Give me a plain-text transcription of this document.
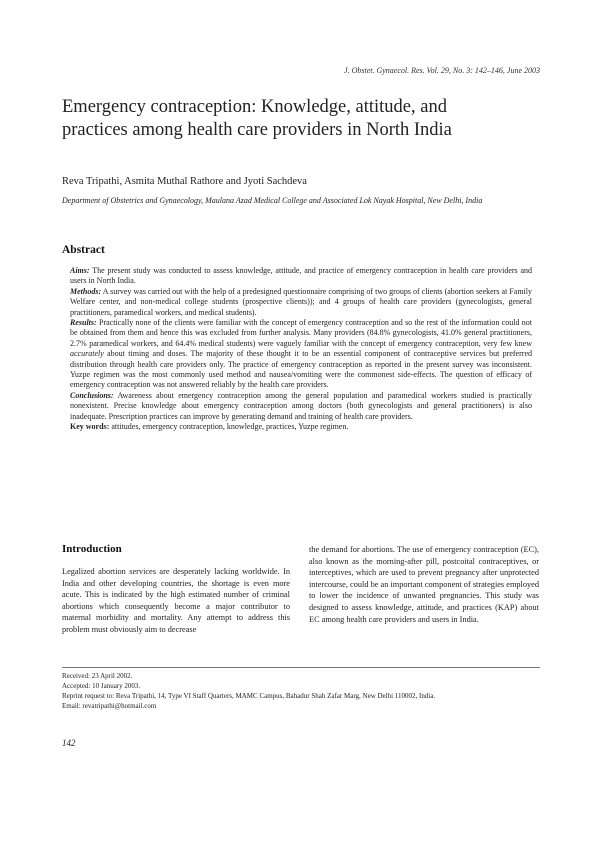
J. Obstet. Gynaecol. Res. Vol. 29, No. 3: 142–146, June 2003
Emergency contraception: Knowledge, attitude, and
practices among health care providers in North India
Reva Tripathi, Asmita Muthal Rathore and Jyoti Sachdeva
Department of Obstetrics and Gynaecology, Maulana Azad Medical College and Associated Lok Nayak Hospital, New Delhi, India
Abstract

Aims: The present study was conducted to assess knowledge, attitude, and practice of emergency contraception in health care providers and users in North India.

Methods: A survey was carried out with the help of a predesigned questionnaire comprising of two groups of clients (abortion seekers at Family Welfare center, and non-medical college students (prospective clients)); and 4 groups of health care providers (gynecologists, general practitioners, paramedical workers, and medical students).

Results: Practically none of the clients were familiar with the concept of emergency contraception and so the rest of the information could not be obtained from them and hence this was excluded from further analysis. Many providers (84.8% gynecologists, 41.0% general practitioners, 2.7% paramedical workers, and 64.4% medical students) were vaguely familiar with the concept of emergency contraception, very few knew accurately about timing and doses. The majority of these thought it to be an essential component of contraceptive services but preferred distribution through health care providers only. The practice of emergency contraception as reported in the present survey was inconsistent. Yuzpe regimen was the most commonly used method and nausea/vomiting were the commonest side-effects. The question of efficacy of emergency contraception was not answered reliably by the health care providers.

Conclusions: Awareness about emergency contraception among the general population and paramedical workers studied is practically nonexistent. Precise knowledge about emergency contraception among doctors (both gynecologists and general practitioners) is also inadequate. Prescription practices can improve by generating demand and training of health care providers.

Key words: attitudes, emergency contraception, knowledge, practices, Yuzpe regimen.

Introduction
Legalized abortion services are desperately lacking worldwide. In India and other developing countries, the shortage is even more acute. This is indicated by the high estimated number of criminal abortions which consequently become a major contributor to maternal morbidity and mortality. Any attempt to address this problem must obviously aim to decrease
the demand for abortions. The use of emergency contraception (EC), also known as the morning-after pill, postcoital contraceptives, or interceptives, which are used to prevent pregnancy after unprotected intercourse, could be an important component of strategies employed to lower the incidence of unwanted pregnancies. This study was designed to assess knowledge, attitude, and practices (KAP) about EC among health care providers and users in India.
Received: 23 April 2002.
Accepted: 10 January 2003.
Reprint request to: Reva Tripathi, 14, Type VI Staff Quarters, MAMC Campus, Bahadur Shah Zafar Marg, New Delhi 110002, India.
Email: revatripathi@hotmail.com
142
